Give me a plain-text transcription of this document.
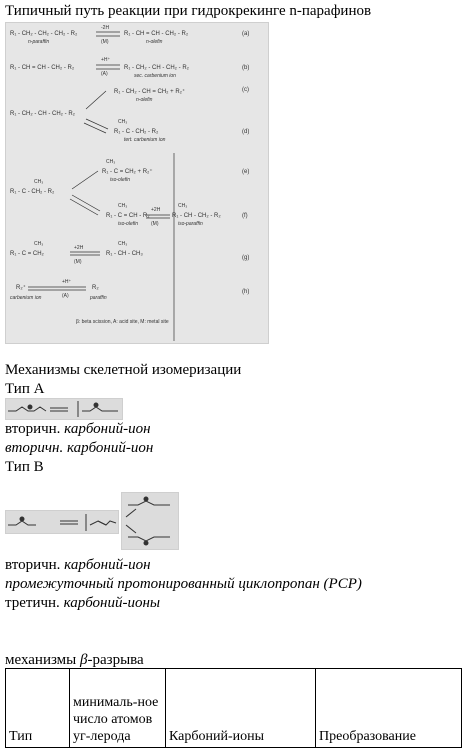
Типичный путь реакции при гидрокрекинге n-парафинов
R₁ - CH₂ - CH₂ - CH₂ - R₂
n-paraffin
-2H
(M)
R₁ - CH = CH - CH₂ - R₂
n-olefin
(a)
R₁ - CH = CH - CH₂ - R₂
+H⁺
(A)
R₁ - CH₂ - CH - CH₂ - R₂
sec. carbenium ion
(b)
R₁ - CH₂ - CH = CH₂ + R₂⁺
n-olefin
(c)
R₁ - CH₂ - CH - CH₂ - R₂
CH₃
R₁ - C - CH₂ - R₂
tert. carbenium ion
(d)
CH₃
R₁ - C = CH₂ + R₂⁺
iso-olefin
(e)
CH₃
R₁ - C - CH₂ - R₂
CH₃
R₁ - C = CH - R₂
iso-olefin
+2H
(M)
CH₃
R₁ - CH - CH₂ - R₂
iso-paraffin
(f)
CH₃
R₁ - C = CH₂
+2H
(M)
CH₃
R₁ - CH - CH₃
(g)
R₂⁺
carbenium ion
+H⁺
(A)
R₂
paraffin
(h)
β: beta scission, A: acid site, M: metal site
Механизмы скелетной изомеризации
Тип А
вторичн. карбоний-ион
вторичн. карбоний-ион
Тип В
вторичн. карбоний-ион
промежуточный протонированный циклопропан (PCP)
третичн. карбоний-ионы
механизмы β-разрыва
Тип	минималь-ное число атомов уг-лерода	Карбоний-ионы	Преобразование
